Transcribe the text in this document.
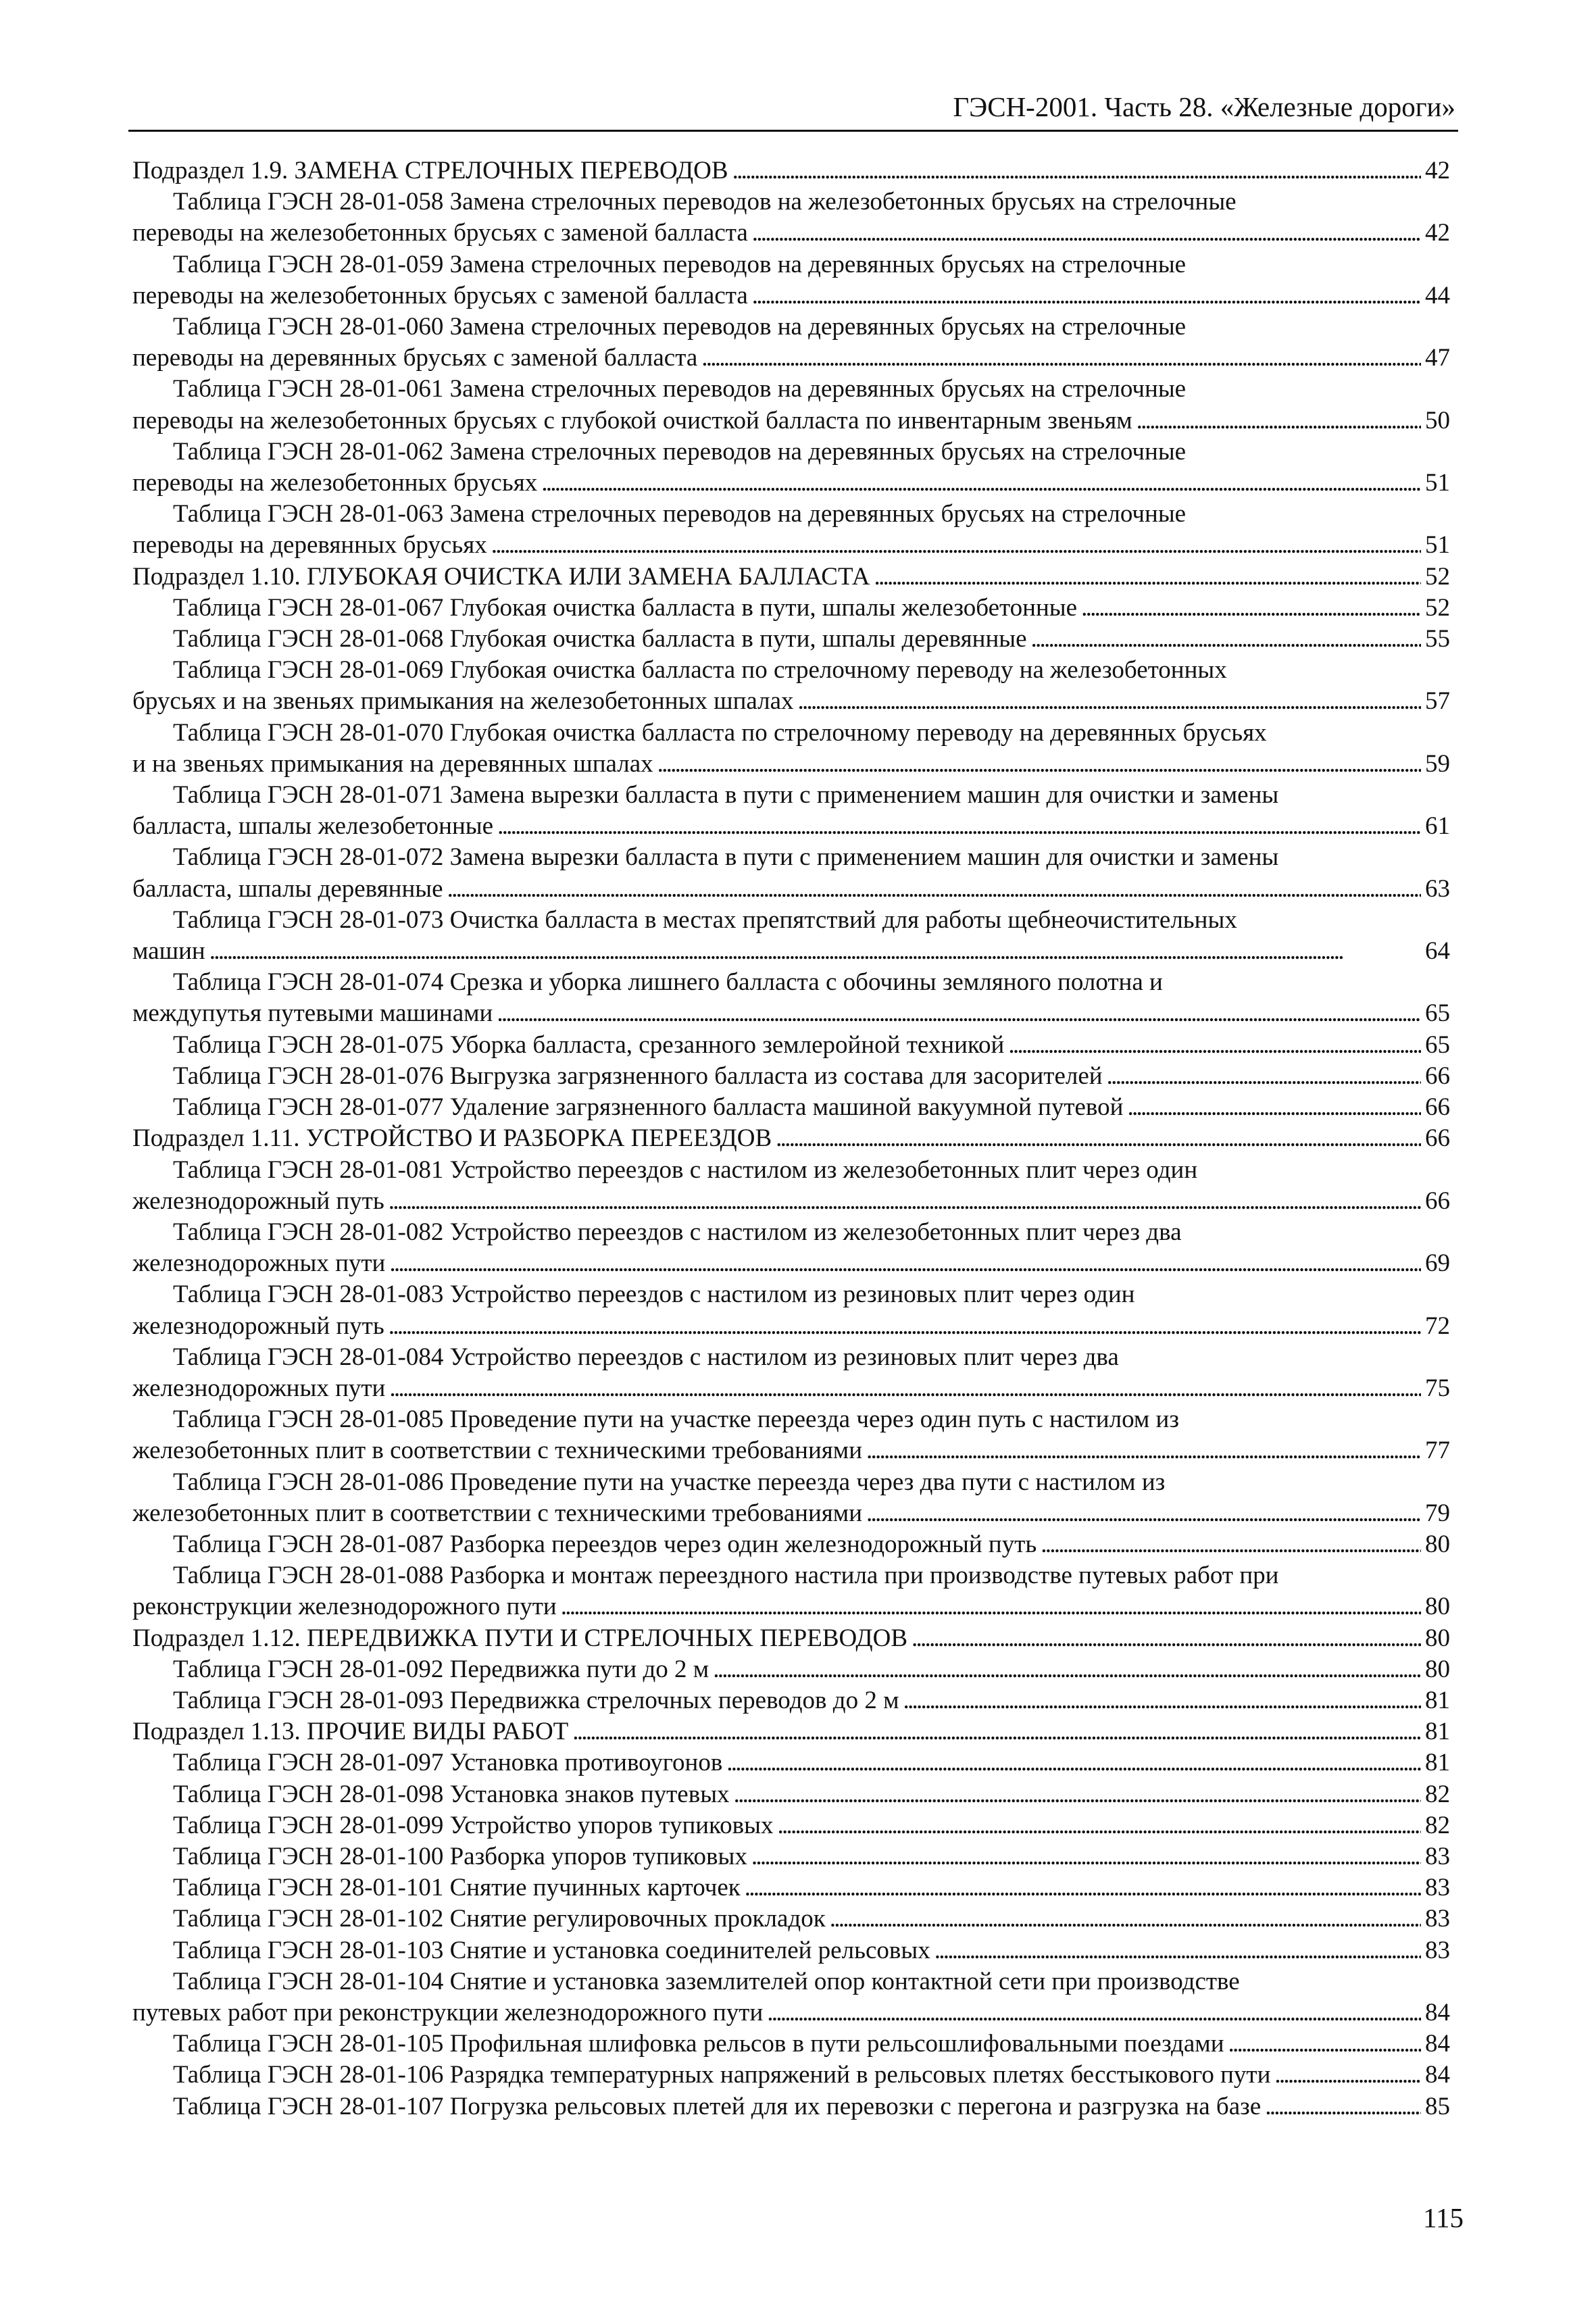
ГЭСН-2001. Часть 28. «Железные дороги»
Подраздел 1.9. ЗАМЕНА СТРЕЛОЧНЫХ ПЕРЕВОДОВ . . .	42
Таблица ГЭСН 28-01-058 Замена стрелочных переводов на железобетонных брусьях на стрелочные
переводы на железобетонных брусьях с заменой балласта . . .	42
Таблица ГЭСН 28-01-059 Замена стрелочных переводов на деревянных брусьях на стрелочные
переводы на железобетонных брусьях с заменой балласта . . .	44
Таблица ГЭСН 28-01-060 Замена стрелочных переводов на деревянных брусьях на стрелочные
переводы на деревянных брусьях с заменой балласта . . .	47
Таблица ГЭСН 28-01-061 Замена стрелочных переводов на деревянных брусьях на стрелочные
переводы на железобетонных брусьях с глубокой очисткой балласта по инвентарным звеньям . . .	50
Таблица ГЭСН 28-01-062 Замена стрелочных переводов на деревянных брусьях на стрелочные
переводы на железобетонных брусьях . . .	51
Таблица ГЭСН 28-01-063 Замена стрелочных переводов на деревянных брусьях на стрелочные
переводы на деревянных брусьях . . .	51
Подраздел 1.10. ГЛУБОКАЯ ОЧИСТКА ИЛИ ЗАМЕНА БАЛЛАСТА . . .	52
Таблица ГЭСН 28-01-067 Глубокая очистка балласта в пути, шпалы железобетонные . . .	52
Таблица ГЭСН 28-01-068 Глубокая очистка балласта в пути, шпалы деревянные . . .	55
Таблица ГЭСН 28-01-069 Глубокая очистка балласта по стрелочному переводу на железобетонных
брусьях и на звеньях примыкания на железобетонных шпалах . . .	57
Таблица ГЭСН 28-01-070 Глубокая очистка балласта по стрелочному переводу на деревянных брусьях
и на звеньях примыкания на деревянных шпалах . . .	59
Таблица ГЭСН 28-01-071 Замена вырезки балласта в пути с применением машин для очистки и замены
балласта, шпалы железобетонные . . .	61
Таблица ГЭСН 28-01-072 Замена вырезки балласта в пути с применением машин для очистки и замены
балласта, шпалы деревянные . . .	63
Таблица ГЭСН 28-01-073 Очистка балласта в местах препятствий для работы щебнеочистительных
машин . . .	64
Таблица ГЭСН 28-01-074 Срезка и уборка лишнего балласта с обочины земляного полотна и
междупутья путевыми машинами . . .	65
Таблица ГЭСН 28-01-075 Уборка балласта, срезанного землеройной техникой . . .	65
Таблица ГЭСН 28-01-076 Выгрузка загрязненного балласта из состава для засорителей . . .	66
Таблица ГЭСН 28-01-077 Удаление загрязненного балласта машиной вакуумной путевой . . .	66
Подраздел 1.11. УСТРОЙСТВО И РАЗБОРКА ПЕРЕЕЗДОВ . . .	66
Таблица ГЭСН 28-01-081 Устройство переездов с настилом из железобетонных плит через один
железнодорожный путь . . .	66
Таблица ГЭСН 28-01-082 Устройство переездов с настилом из железобетонных плит через два
железнодорожных пути . . .	69
Таблица ГЭСН 28-01-083 Устройство переездов с настилом из резиновых плит через один
железнодорожный путь . . .	72
Таблица ГЭСН 28-01-084 Устройство переездов с настилом из резиновых плит через два
железнодорожных пути . . .	75
Таблица ГЭСН 28-01-085 Проведение пути на участке переезда через один путь с настилом из
железобетонных плит в соответствии с техническими требованиями . . .	77
Таблица ГЭСН 28-01-086 Проведение пути на участке переезда через два пути с настилом из
железобетонных плит в соответствии с техническими требованиями . . .	79
Таблица ГЭСН 28-01-087 Разборка переездов через один железнодорожный путь . . .	80
Таблица ГЭСН 28-01-088 Разборка и монтаж переездного настила при производстве путевых работ при
реконструкции железнодорожного пути . . .	80
Подраздел 1.12. ПЕРЕДВИЖКА ПУТИ И СТРЕЛОЧНЫХ ПЕРЕВОДОВ . . .	80
Таблица ГЭСН 28-01-092 Передвижка пути до 2 м . . .	80
Таблица ГЭСН 28-01-093 Передвижка стрелочных переводов до 2 м . . .	81
Подраздел 1.13. ПРОЧИЕ ВИДЫ РАБОТ . . .	81
Таблица ГЭСН 28-01-097 Установка противоугонов . . .	81
Таблица ГЭСН 28-01-098 Установка знаков путевых . . .	82
Таблица ГЭСН 28-01-099 Устройство упоров тупиковых . . .	82
Таблица ГЭСН 28-01-100 Разборка упоров тупиковых . . .	83
Таблица ГЭСН 28-01-101 Снятие пучинных карточек . . .	83
Таблица ГЭСН 28-01-102 Снятие регулировочных прокладок . . .	83
Таблица ГЭСН 28-01-103 Снятие и установка соединителей рельсовых . . .	83
Таблица ГЭСН 28-01-104 Снятие и установка заземлителей опор контактной сети при производстве
путевых работ при реконструкции железнодорожного пути . . .	84
Таблица ГЭСН 28-01-105 Профильная шлифовка рельсов в пути рельсошлифовальными поездами . . .	84
Таблица ГЭСН 28-01-106 Разрядка температурных напряжений в рельсовых плетях бесстыкового пути . . .	84
Таблица ГЭСН 28-01-107 Погрузка рельсовых плетей для их перевозки с перегона и разгрузка на базе . . .	85
115
